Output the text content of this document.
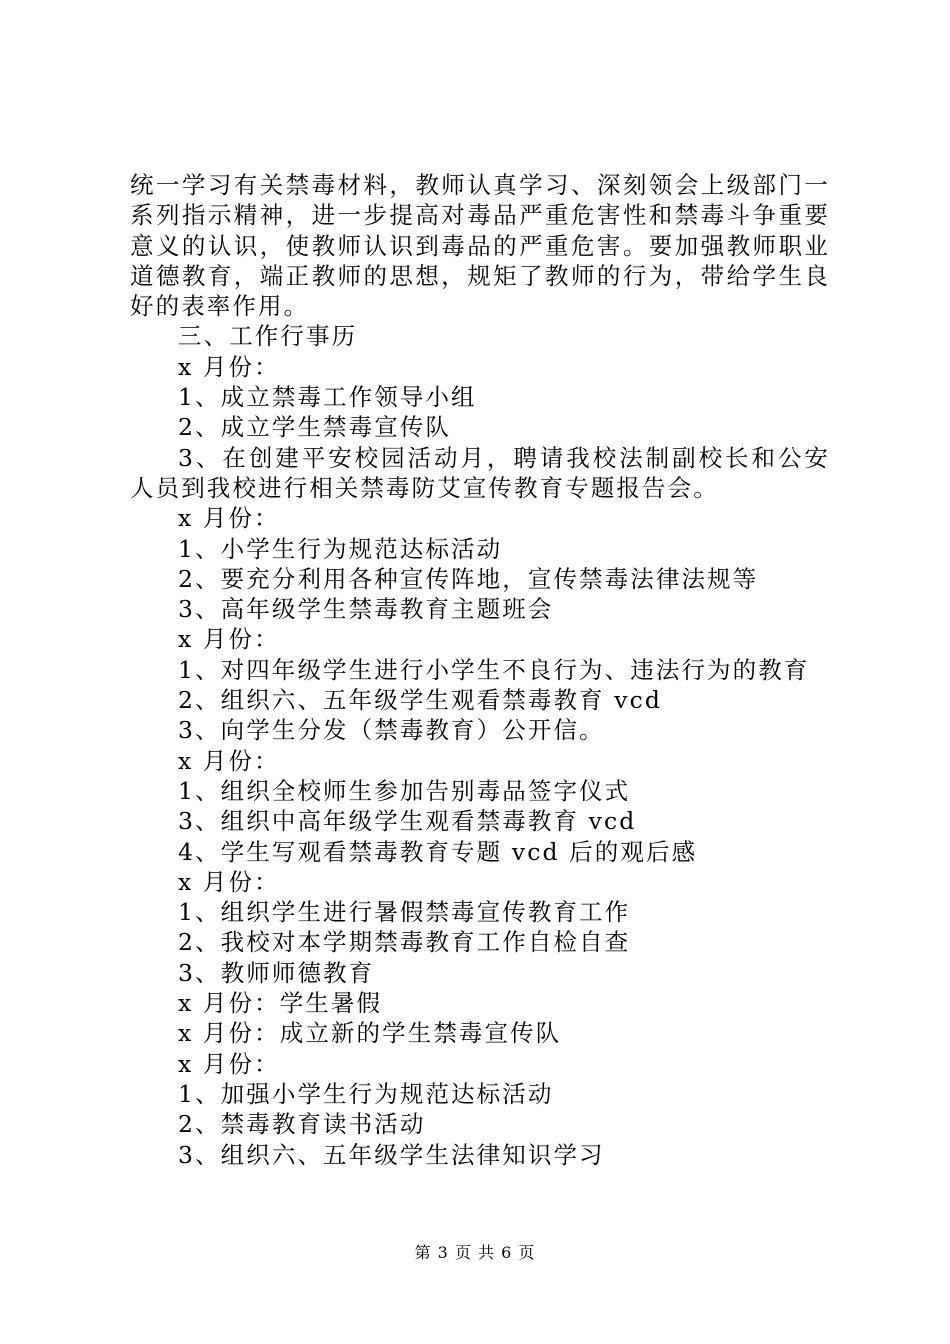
统一学习有关禁毒材料，教师认真学习、深刻领会上级部门一系列指示精神，进一步提高对毒品严重危害性和禁毒斗争重要意义的认识，使教师认识到毒品的严重危害。要加强教师职业道德教育，端正教师的思想，规矩了教师的行为，带给学生良好的表率作用。

三、工作行事历

x 月份：

1、成立禁毒工作领导小组

2、成立学生禁毒宣传队

3、在创建平安校园活动月，聘请我校法制副校长和公安人员到我校进行相关禁毒防艾宣传教育专题报告会。

x 月份：

1、小学生行为规范达标活动

2、要充分利用各种宣传阵地，宣传禁毒法律法规等

3、高年级学生禁毒教育主题班会

x 月份：

1、对四年级学生进行小学生不良行为、违法行为的教育

2、组织六、五年级学生观看禁毒教育 vcd

3、向学生分发（禁毒教育）公开信。

x 月份：

1、组织全校师生参加告别毒品签字仪式

3、组织中高年级学生观看禁毒教育 vcd

4、学生写观看禁毒教育专题 vcd 后的观后感

x 月份：

1、组织学生进行暑假禁毒宣传教育工作

2、我校对本学期禁毒教育工作自检自查

3、教师师德教育

x 月份：学生暑假

x 月份：成立新的学生禁毒宣传队

x 月份：

1、加强小学生行为规范达标活动

2、禁毒教育读书活动

3、组织六、五年级学生法律知识学习

第 3 页 共 6 页
